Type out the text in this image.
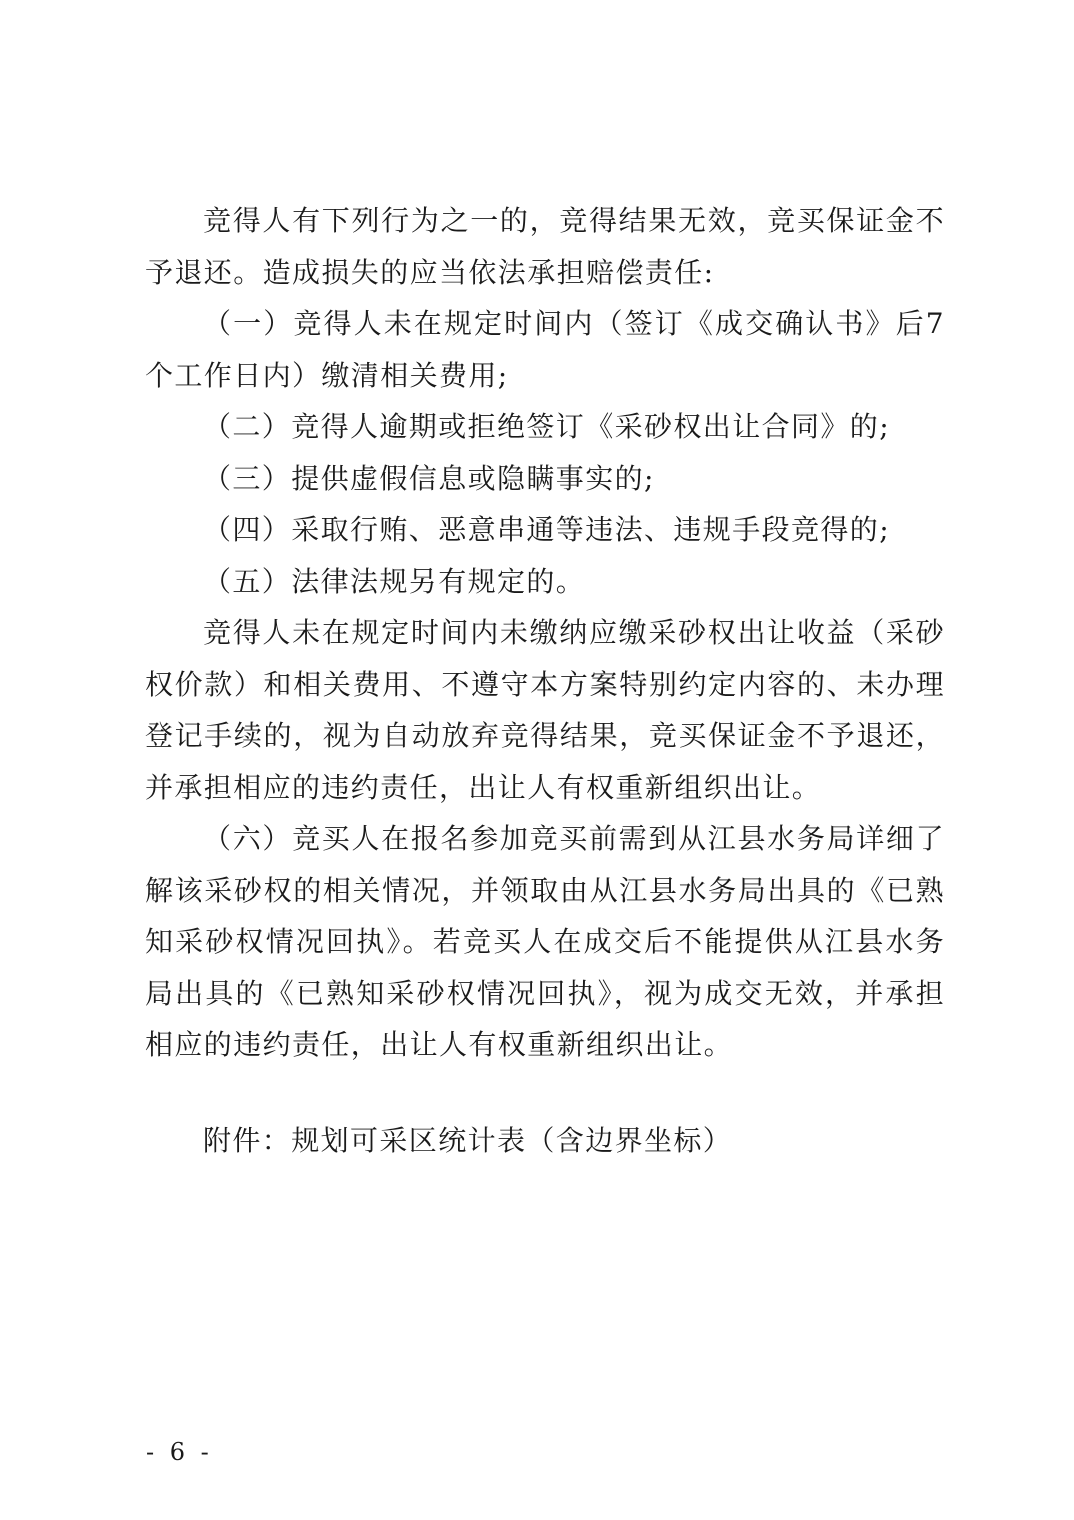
竞得人有下列行为之一的，竞得结果无效，竞买保证金不予退还。造成损失的应当依法承担赔偿责任:

（一）竞得人未在规定时间内（签订《成交确认书》后7个工作日内）缴清相关费用;

（二）竞得人逾期或拒绝签订《采砂权出让合同》的;

（三）提供虚假信息或隐瞒事实的;

（四）采取行贿、恶意串通等违法、违规手段竞得的;

（五）法律法规另有规定的。

竞得人未在规定时间内未缴纳应缴采砂权出让收益（采砂权价款）和相关费用、不遵守本方案特别约定内容的、未办理登记手续的，视为自动放弃竞得结果，竞买保证金不予退还，并承担相应的违约责任，出让人有权重新组织出让。

（六）竞买人在报名参加竞买前需到从江县水务局详细了解该采砂权的相关情况，并领取由从江县水务局出具的《已熟知采砂权情况回执》。若竞买人在成交后不能提供从江县水务局出具的《已熟知采砂权情况回执》，视为成交无效，并承担相应的违约责任，出让人有权重新组织出让。

附件：规划可采区统计表（含边界坐标）

- 6 -
